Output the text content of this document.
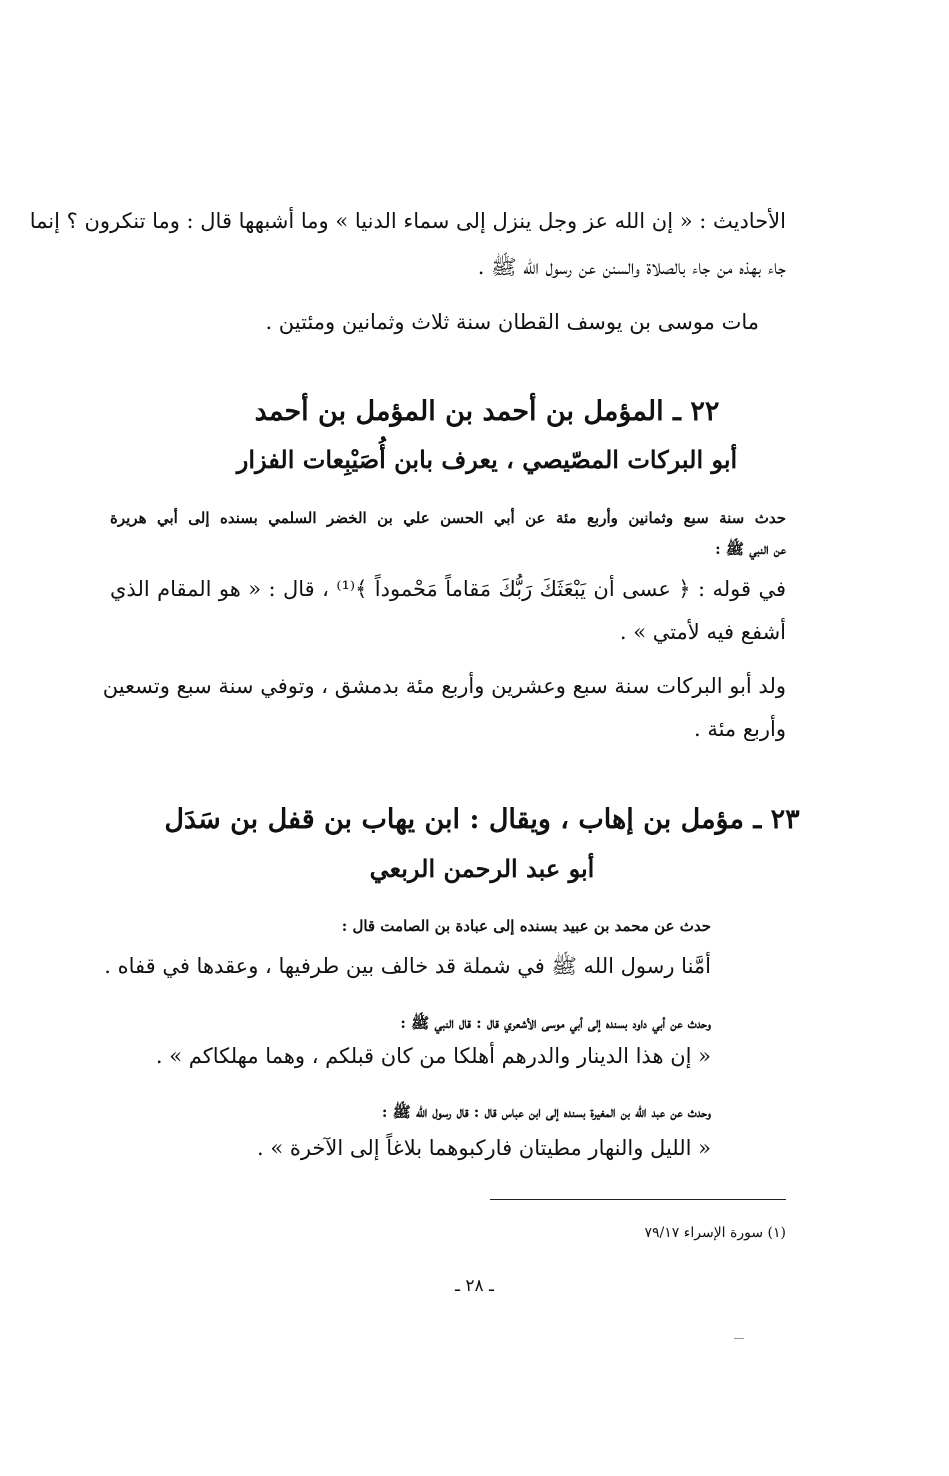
الأحاديث : « إن الله عز وجل ينزل إلى سماء الدنيا » وما أشبهها قال : وما تنكرون ؟ إنما

جاء بهذه من جاء بالصلاة والسنن عن رسول الله ﷺ .

مات موسى بن يوسف القطان سنة ثلاث وثمانين ومئتين .

٢٢ ـ المؤمل بن أحمد بن المؤمل بن أحمد
أبو البركات المصّيصي ، يعرف بابن أُصَيْبِعات الفزار

حدث سنة سبع وثمانين وأربع مئة عن أبي الحسن علي بن الخضر السلمي بسنده إلى أبي هريرة

عن النبي ﷺ :

في قوله : ﴿ عسى أن يَبْعَثَكَ رَبُّكَ مَقاماً مَحْموداً ﴾⁽¹⁾ ، قال : « هو المقام الذي

أشفع فيه لأمتي » .

ولد أبو البركات سنة سبع وعشرين وأربع مئة بدمشق ، وتوفي سنة سبع وتسعين

وأربع مئة .

٢٣ ـ مؤمل بن إهاب ، ويقال : ابن يهاب بن قفل بن سَدَل
أبو عبد الرحمن الربعي

حدث عن محمد بن عبيد بسنده إلى عبادة بن الصامت قال :

أمَّنا رسول الله ﷺ في شملة قد خالف بين طرفيها ، وعقدها في قفاه .

وحدث عن أبي داود بسنده إلى أبي موسى الأشعري قال : قال النبي ﷺ :

« إن هذا الدينار والدرهم أهلكا من كان قبلكم ، وهما مهلكاكم » .

وحدث عن عبد الله بن المغيرة بسنده إلى ابن عباس قال : قال رسول الله ﷺ :

« الليل والنهار مطيتان فاركبوهما بلاغاً إلى الآخرة » .

(١) سورة الإسراء ٧٩/١٧

ـ ٢٨ ـ
